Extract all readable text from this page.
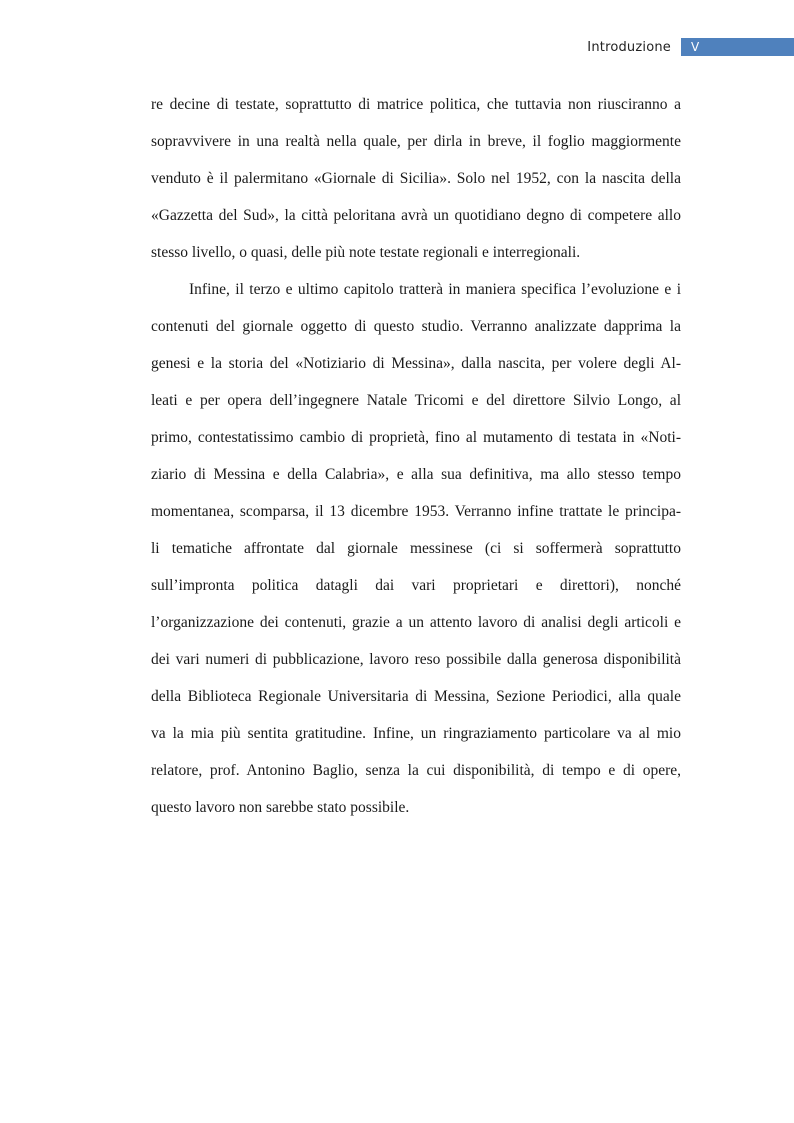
Introduzione	V
re decine di testate, soprattutto di matrice politica, che tuttavia non riusciranno a
sopravvivere in una realtà nella quale, per dirla in breve, il foglio maggiormente
venduto è il palermitano «Giornale di Sicilia». Solo nel 1952, con la nascita della
«Gazzetta del Sud», la città peloritana avrà un quotidiano degno di competere allo
stesso livello, o quasi, delle più note testate regionali e interregionali.
Infine, il terzo e ultimo capitolo tratterà in maniera specifica l’evoluzione e i
contenuti del giornale oggetto di questo studio. Verranno analizzate dapprima la
genesi e la storia del «Notiziario di Messina», dalla nascita, per volere degli Al-
leati e per opera dell’ingegnere Natale Tricomi e del direttore Silvio Longo, al
primo, contestatissimo cambio di proprietà, fino al mutamento di testata in «Noti-
ziario di Messina e della Calabria», e alla sua definitiva, ma allo stesso tempo
momentanea, scomparsa, il 13 dicembre 1953. Verranno infine trattate le principa-
li tematiche affrontate dal giornale messinese (ci si soffermerà soprattutto
sull’impronta politica datagli dai vari proprietari e direttori), nonché
l’organizzazione dei contenuti, grazie a un attento lavoro di analisi degli articoli e
dei vari numeri di pubblicazione, lavoro reso possibile dalla generosa disponibilità
della Biblioteca Regionale Universitaria di Messina, Sezione Periodici, alla quale
va la mia più sentita gratitudine. Infine, un ringraziamento particolare va al mio
relatore, prof. Antonino Baglio, senza la cui disponibilità, di tempo e di opere,
questo lavoro non sarebbe stato possibile.
